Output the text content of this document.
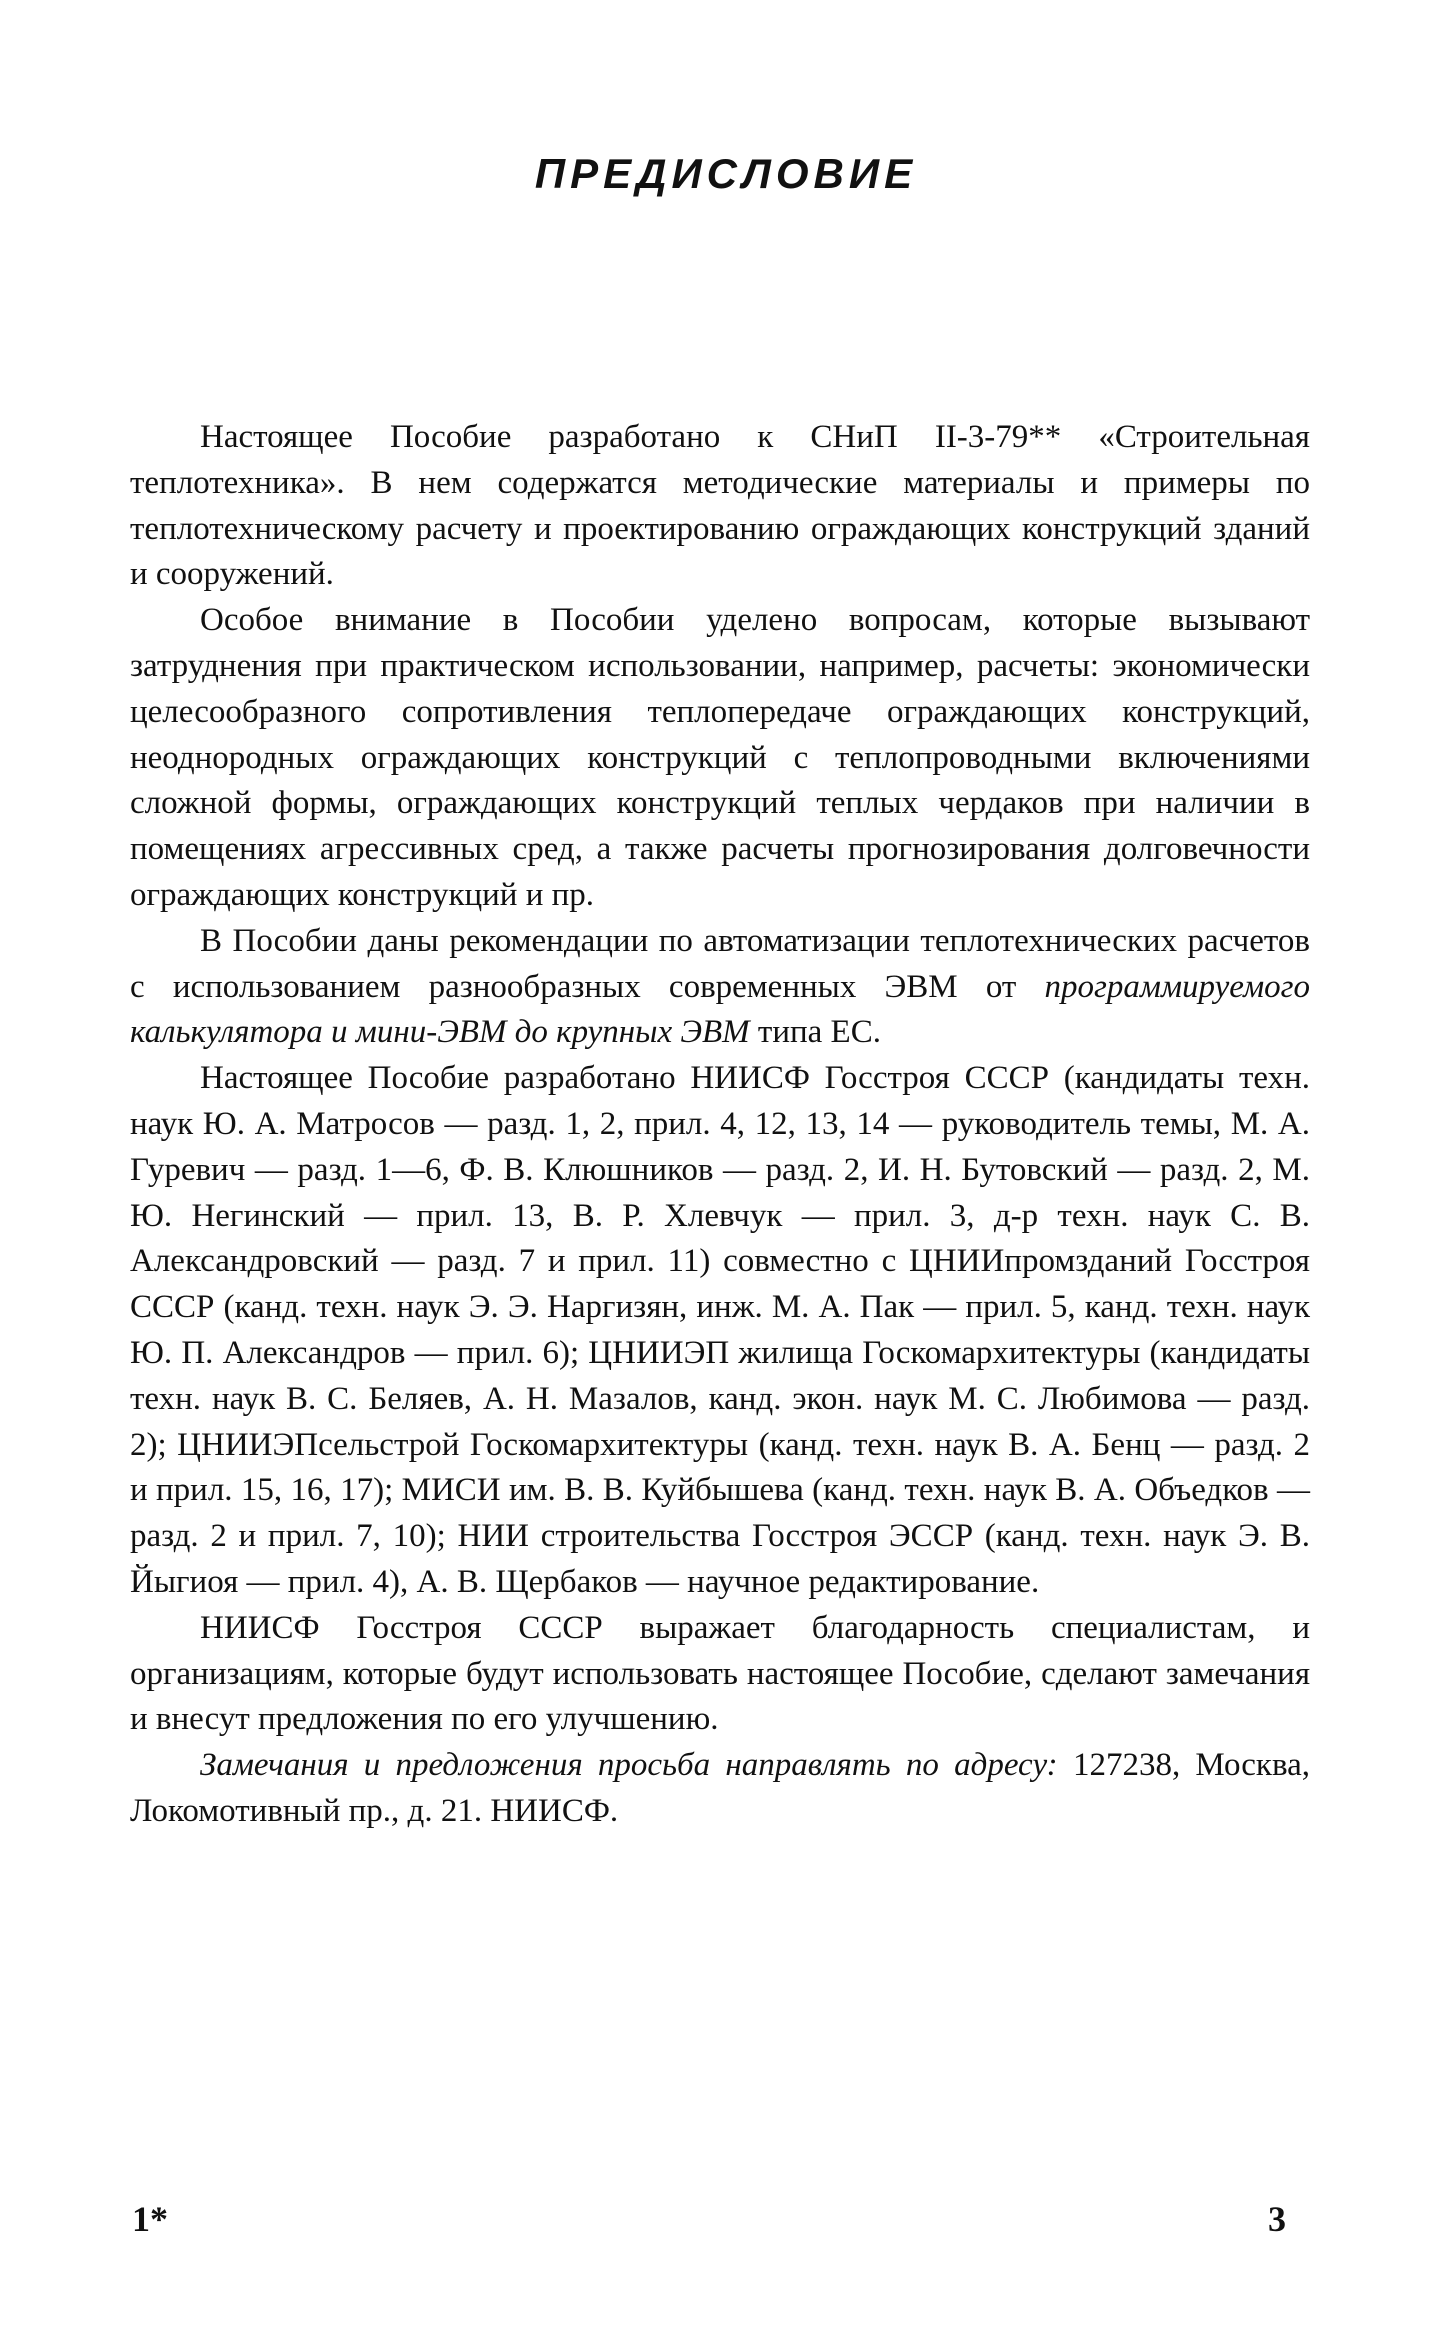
ПРЕДИСЛОВИЕ

Настоящее Пособие разработано к СНиП II-3-79** «Строительная теплотехника». В нем содержатся методические материалы и примеры по теплотехническому расчету и проектированию ограждающих конструкций зданий и сооружений.

Особое внимание в Пособии уделено вопросам, которые вызывают затруднения при практическом использовании, например, расчеты: экономически целесообразного сопротивления теплопередаче ограждающих конструкций, неоднородных ограждающих конструкций с теплопроводными включениями сложной формы, ограждающих конструкций теплых чердаков при наличии в помещениях агрессивных сред, а также расчеты прогнозирования долговечности ограждающих конструкций и пр.

В Пособии даны рекомендации по автоматизации теплотехнических расчетов с использованием разнообразных современных ЭВМ от программируемого калькулятора и мини-ЭВМ до крупных ЭВМ типа ЕС.

Настоящее Пособие разработано НИИСФ Госстроя СССР (кандидаты техн. наук Ю. А. Матросов — разд. 1, 2, прил. 4, 12, 13, 14 — руководитель темы, М. А. Гуревич — разд. 1—6, Ф. В. Клюшников — разд. 2, И. Н. Бутовский — разд. 2, М. Ю. Негинский — прил. 13, В. Р. Хлевчук — прил. 3, д-р техн. наук С. В. Александровский — разд. 7 и прил. 11) совместно с ЦНИИпромзданий Госстроя СССР (канд. техн. наук Э. Э. Наргизян, инж. М. А. Пак — прил. 5, канд. техн. наук Ю. П. Александров — прил. 6); ЦНИИЭП жилища Госкомархитектуры (кандидаты техн. наук В. С. Беляев, А. Н. Мазалов, канд. экон. наук М. С. Любимова — разд. 2); ЦНИИЭПсельстрой Госкомархитектуры (канд. техн. наук В. А. Бенц — разд. 2 и прил. 15, 16, 17); МИСИ им. В. В. Куйбышева (канд. техн. наук В. А. Объедков — разд. 2 и прил. 7, 10); НИИ строительства Госстроя ЭССР (канд. техн. наук Э. В. Йыгиоя — прил. 4), А. В. Щербаков — научное редактирование.

НИИСФ Госстроя СССР выражает благодарность специалистам, и организациям, которые будут использовать настоящее Пособие, сделают замечания и внесут предложения по его улучшению.

Замечания и предложения просьба направлять по адресу: 127238, Москва, Локомотивный пр., д. 21. НИИСФ.

1*	3
